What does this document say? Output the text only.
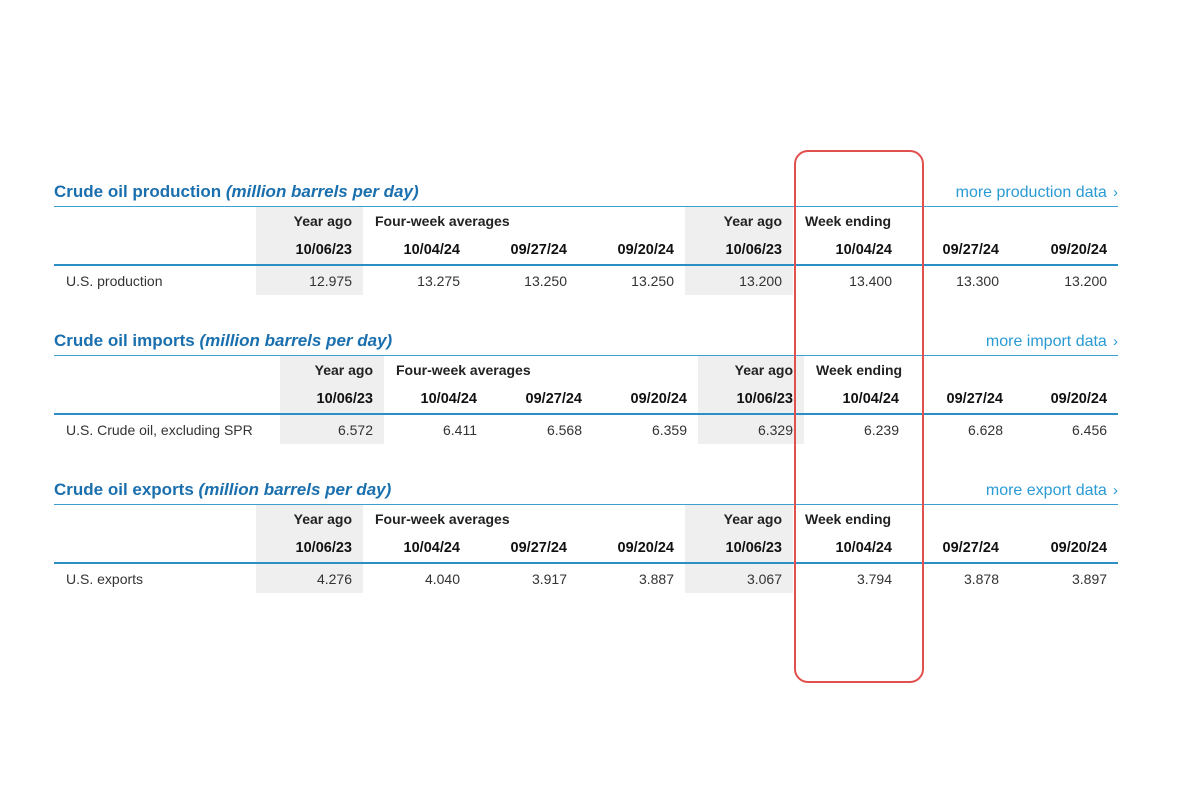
Crude oil production (million barrels per day)	more production data ›
	Year ago	Four-week averages			Year ago	Week ending		
	10/06/23	10/04/24	09/27/24	09/20/24	10/06/23	10/04/24	09/27/24	09/20/24
U.S. production	12.975	13.275	13.250	13.250	13.200	13.400	13.300	13.200
Crude oil imports (million barrels per day)	more import data ›
	Year ago	Four-week averages			Year ago	Week ending		
	10/06/23	10/04/24	09/27/24	09/20/24	10/06/23	10/04/24	09/27/24	09/20/24
U.S. Crude oil, excluding SPR	6.572	6.411	6.568	6.359	6.329	6.239	6.628	6.456
Crude oil exports (million barrels per day)	more export data ›
	Year ago	Four-week averages			Year ago	Week ending		
	10/06/23	10/04/24	09/27/24	09/20/24	10/06/23	10/04/24	09/27/24	09/20/24
U.S. exports	4.276	4.040	3.917	3.887	3.067	3.794	3.878	3.897
